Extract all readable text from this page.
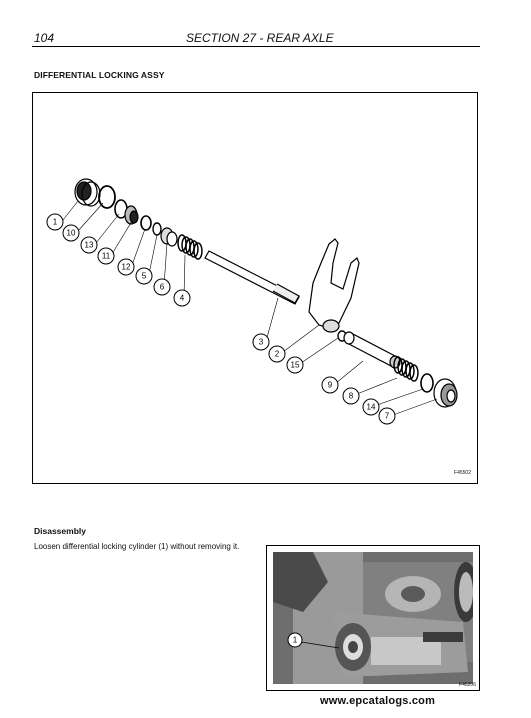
104	SECTION 27 - REAR AXLE
DIFFERENTIAL LOCKING ASSY
1
10
13
11
12
5
6
4
3
2
15
9
8
14
7
F45502
Disassembly
Loosen differential locking cylinder (1) without removing it.
1
F46206
www.epcatalogs.com
